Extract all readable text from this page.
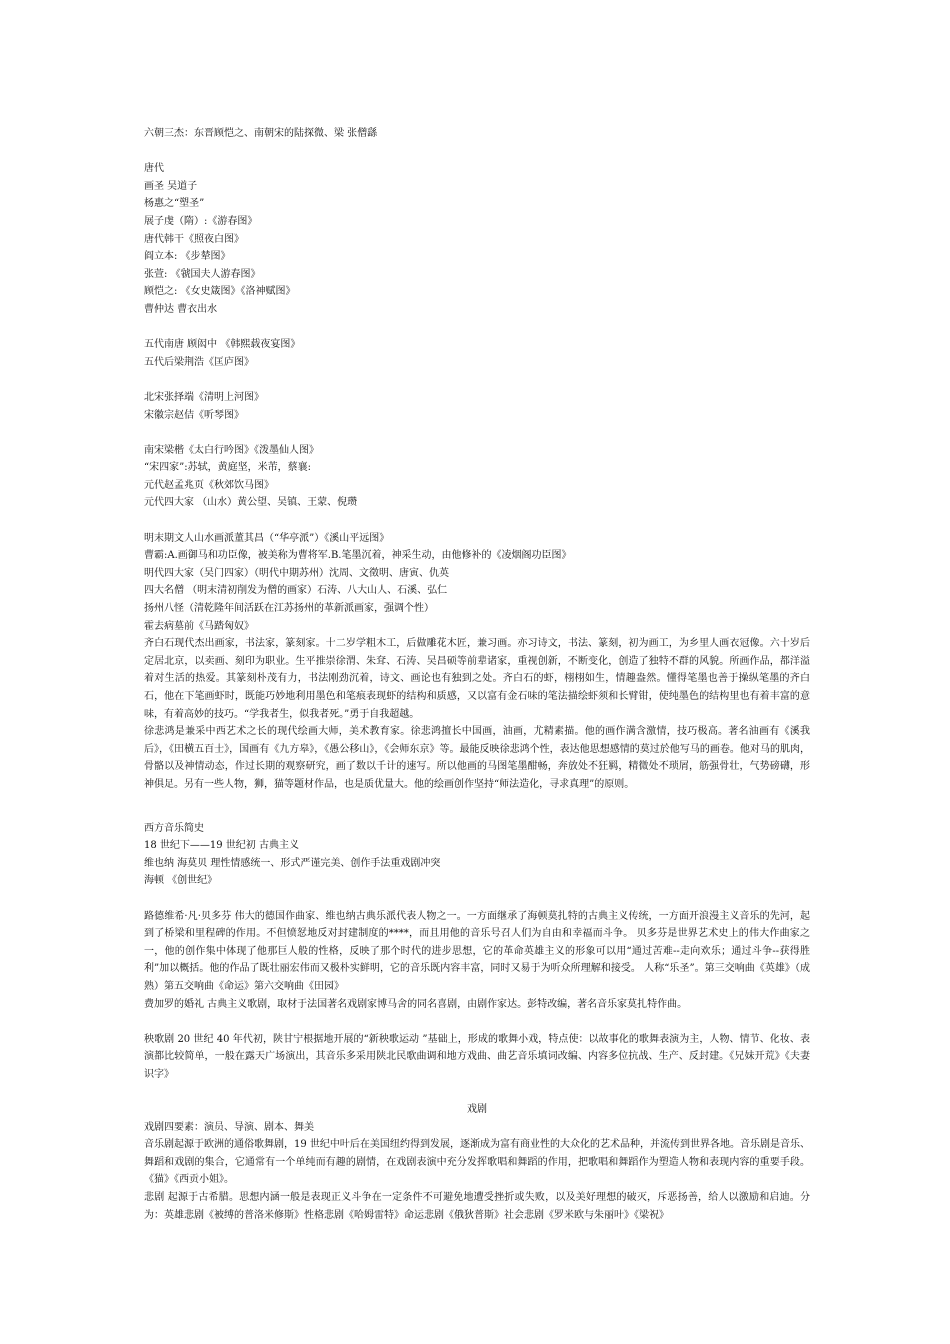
六朝三杰：东晋顾恺之、南朝宋的陆探微、梁 张僧繇
唐代
画圣 吴道子
杨惠之“塑圣”
展子虔（隋）:《游春图》
唐代韩干《照夜白图》
阎立本: 《步辇图》
张萱: 《虢国夫人游春图》
顾恺之: 《女史箴图》《洛神赋图》
曹仲达 曹衣出水
五代南唐 顾闳中 《韩熙载夜宴图》
五代后梁荆浩《匡庐图》
北宋张择端《清明上河图》
宋徽宗赵佶《听琴图》
南宋梁楷《太白行吟图》《泼墨仙人图》
“宋四家”:苏轼，黄庭坚，米芾，蔡襄:
元代赵孟兆页《秋郊饮马图》
元代四大家 （山水）黄公望、吴镇、王蒙、倪瓒
明末期文人山水画派董其昌（“华亭派”）《溪山平远图》
曹霸:A.画御马和功臣像，被美称为曹将军.B.笔墨沉着，神采生动，由他修补的《凌烟阁功臣图》
明代四大家（吴门四家）（明代中期苏州）沈周、文徵明、唐寅、仇英
四大名僧 （明末清初削发为僧的画家）石涛、八大山人、石溪、弘仁
扬州八怪（清乾隆年间活跃在江苏扬州的革新派画家，强调个性）
霍去病墓前《马踏匈奴》
齐白石现代杰出画家，书法家，篆刻家。十二岁学粗木工，后做雕花木匠，兼习画。亦习诗文，书法、篆刻，初为画工，为乡里人画衣冠像。六十岁后定居北京，以卖画、刻印为职业。生平推崇徐渭、朱耷、石涛、吴昌硕等前辈诸家，重视创新，不断变化，创造了独特不群的风貌。所画作品，都洋溢着对生活的热爱。其篆刻朴茂有力，书法刚劲沉着，诗文、画论也有独到之处。齐白石的虾，栩栩如生，情趣盎然。懂得笔墨也善于操纵笔墨的齐白石，他在下笔画虾时，既能巧妙地利用墨色和笔痕表现虾的结构和质感，又以富有金石味的笔法描绘虾须和长臂钳，使纯墨色的结构里也有着丰富的意味，有着高妙的技巧。“学我者生，似我者死。”勇于自我超越。
徐悲鸿是兼采中西艺术之长的现代绘画大师，美术教育家。徐悲鸿擅长中国画，油画，尤精素描。他的画作满含激情，技巧极高。著名油画有《溪我后》，《田横五百士》，国画有《九方皋》，《愚公移山》，《会师东京》等。最能反映徐悲鸿个性，表达他思想感情的莫过於他写马的画卷。他对马的肌肉，骨骼以及神情动态，作过长期的观察研究，画了数以千计的速写。所以他画的马图笔墨酣畅，奔放处不狂羁，精微处不琐屑，筋强骨壮，气势磅礴，形神俱足。另有一些人物，狮，猫等题材作品，也是质优量大。他的绘画创作坚持“师法造化，寻求真理”的原则。
西方音乐简史
18 世纪下——19 世纪初 古典主义
维也纳 海莫贝 理性情感统一、形式严谨完美、创作手法重戏剧冲突
海顿 《创世纪》
路德维希·凡·贝多芬 伟大的德国作曲家、维也纳古典乐派代表人物之一。一方面继承了海顿莫扎特的古典主义传统，一方面开浪漫主义音乐的先河，起到了桥梁和里程碑的作用。不但愤恏地反对封建制度的****，而且用他的音乐号召人们为自由和幸福而斗争。 贝多芬是世界艺术史上的伟大作曲家之一，他的创作集中体现了他那巨人般的性格，反映了那个时代的进步思想，它的革命英雄主义的形象可以用“通过苦难--走向欢乐；通过斗争--获得胜利”加以概括。他的作品了既壮丽宏伟而又极朴实鲜明，它的音乐既内容丰富，同时又易于为听众所理解和接受。 人称“乐圣”。第三交响曲《英雄》（成熟）第五交响曲《命运》第六交响曲《田园》
费加罗的婚礼 古典主义歌剧，取材于法国著名戏剧家博马舍的同名喜剧，由剧作家达。彭特改编，著名音乐家莫扎特作曲。
秧歌剧 20 世纪 40 年代初，陕甘宁根据地开展的“新秧歌运动 ”基础上，形成的歌舞小戏，特点使：以故事化的歌舞表演为主，人物、情节、化妆、表演都比较简单，一般在露天广场演出，其音乐多采用陕北民歌曲调和地方戏曲、曲艺音乐填词改编、内容多位抗战、生产、反封建。《兄妹开荒》《夫妻识字》
戏剧
戏剧四要素：演员、导演、剧本、舞美
音乐剧起源于欧洲的通俗歌舞剧，19 世纪中叶后在美国纽约得到发展，逐渐成为富有商业性的大众化的艺术品种，并流传到世界各地。音乐剧是音乐、舞蹈和戏剧的集合，它通常有一个单纯而有趣的剧情，在戏剧表演中充分发挥歌唱和舞蹈的作用，把歌唱和舞蹈作为塑造人物和表现内容的重要手段。《猫》《西贡小姐》。
悲剧 起源于古希腊。思想内涵一般是表现正义斗争在一定条件不可避免地遭受挫折或失败，以及美好理想的破灭，斥恶扬善，给人以激励和启迪。分为：英雄悲剧《被缚的普洛米修斯》性格悲剧《哈姆雷特》命运悲剧《俄狄普斯》社会悲剧《罗米欧与朱丽叶》《梁祝》
